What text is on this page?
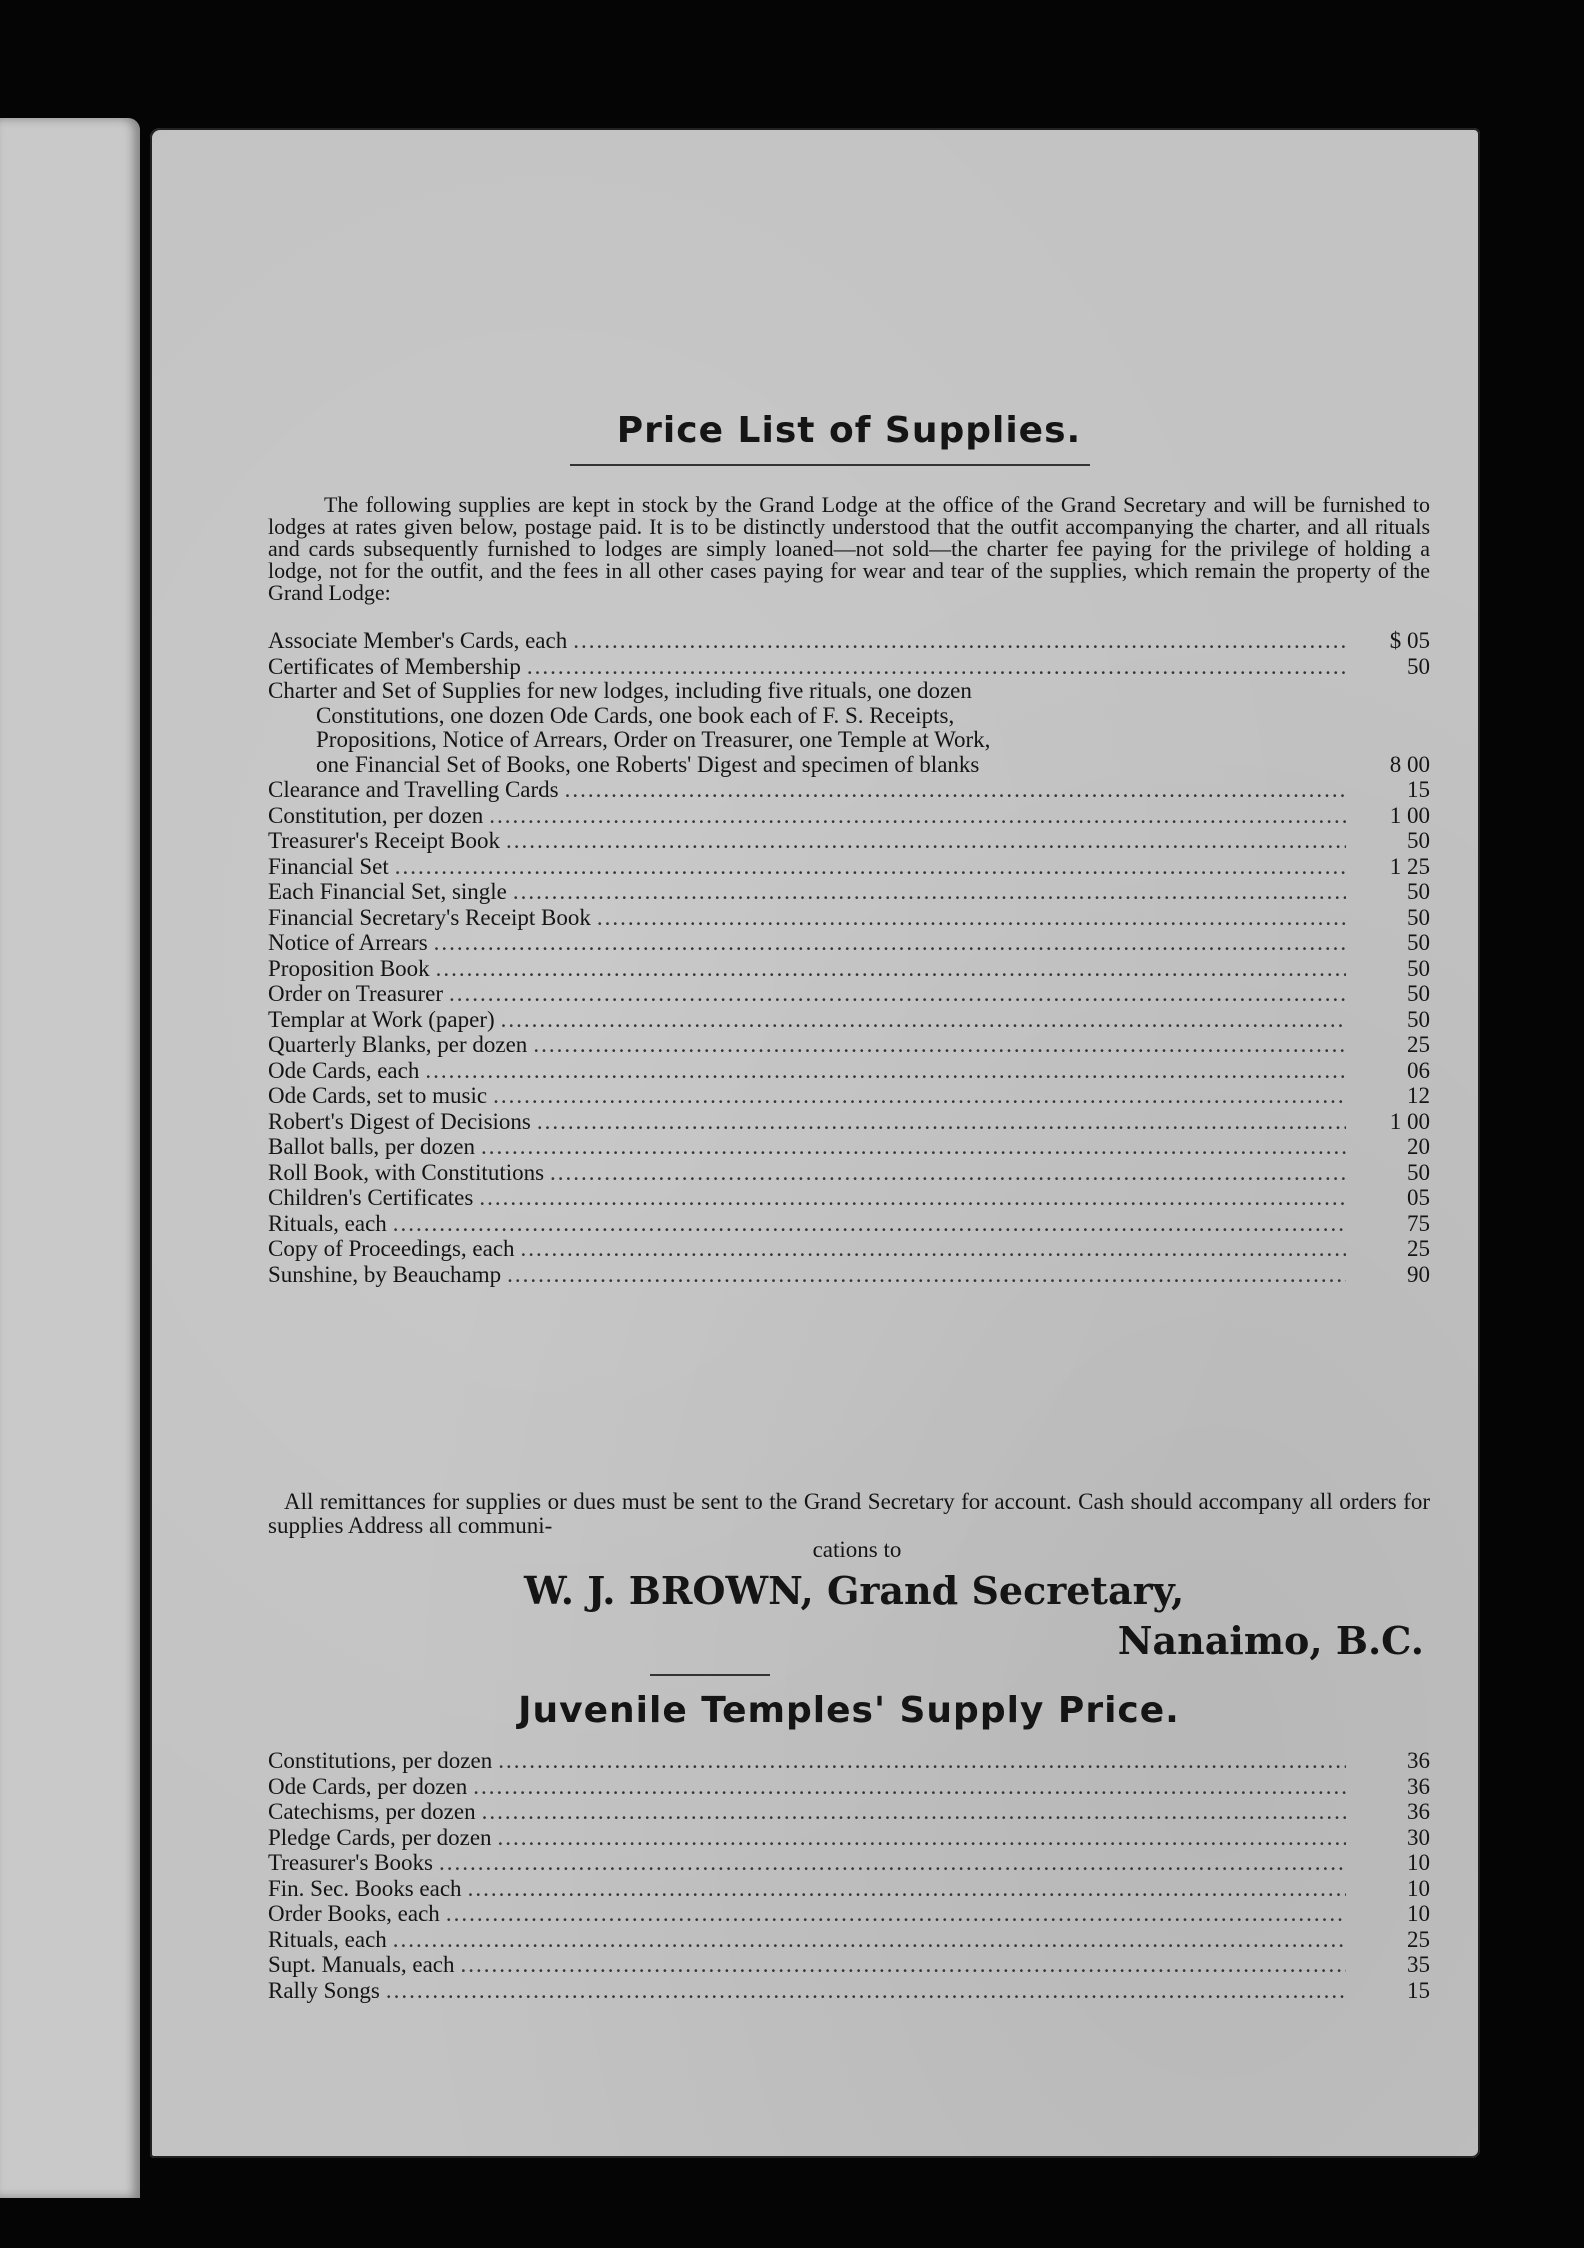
Price List of Supplies.
The following supplies are kept in stock by the Grand Lodge at the office of the Grand Secretary and will be furnished to lodges at rates given below, postage paid. It is to be distinctly understood that the outfit accompanying the charter, and all rituals and cards subsequently furnished to lodges are simply loaned—not sold—the charter fee paying for the privilege of holding a lodge, not for the outfit, and the fees in all other cases paying for wear and tear of the supplies, which remain the property of the Grand Lodge:
Associate Member's Cards, each .....	$ 05
Certificates of Membership .....	50
Charter and Set of Supplies for new lodges, including five rituals, one dozen
Constitutions, one dozen Ode Cards, one book each of F. S. Receipts,
Propositions, Notice of Arrears, Order on Treasurer, one Temple at Work,
one Financial Set of Books, one Roberts' Digest and specimen of blanks	8 00
Clearance and Travelling Cards .....	15
Constitution, per dozen .....	1 00
Treasurer's Receipt Book .....	50
Financial Set .....	1 25
Each Financial Set, single .....	50
Financial Secretary's Receipt Book .....	50
Notice of Arrears .....	50
Proposition Book .....	50
Order on Treasurer .....	50
Templar at Work (paper) .....	50
Quarterly Blanks, per dozen .....	25
Ode Cards, each .....	06
Ode Cards, set to music .....	12
Robert's Digest of Decisions .....	1 00
Ballot balls, per dozen .....	20
Roll Book, with Constitutions .....	50
Children's Certificates .....	05
Rituals, each .....	75
Copy of Proceedings, each .....	25
Sunshine, by Beauchamp .....	90
All remittances for supplies or dues must be sent to the Grand Secretary for account. Cash should accompany all orders for supplies Address all communi-
cations to
W. J. BROWN, Grand Secretary,
Nanaimo, B.C.
Juvenile Temples' Supply Price.
Constitutions, per dozen .....	36
Ode Cards, per dozen .....	36
Catechisms, per dozen .....	36
Pledge Cards, per dozen .....	30
Treasurer's Books .....	10
Fin. Sec. Books each .....	10
Order Books, each .....	10
Rituals, each .....	25
Supt. Manuals, each .....	35
Rally Songs .....	15
